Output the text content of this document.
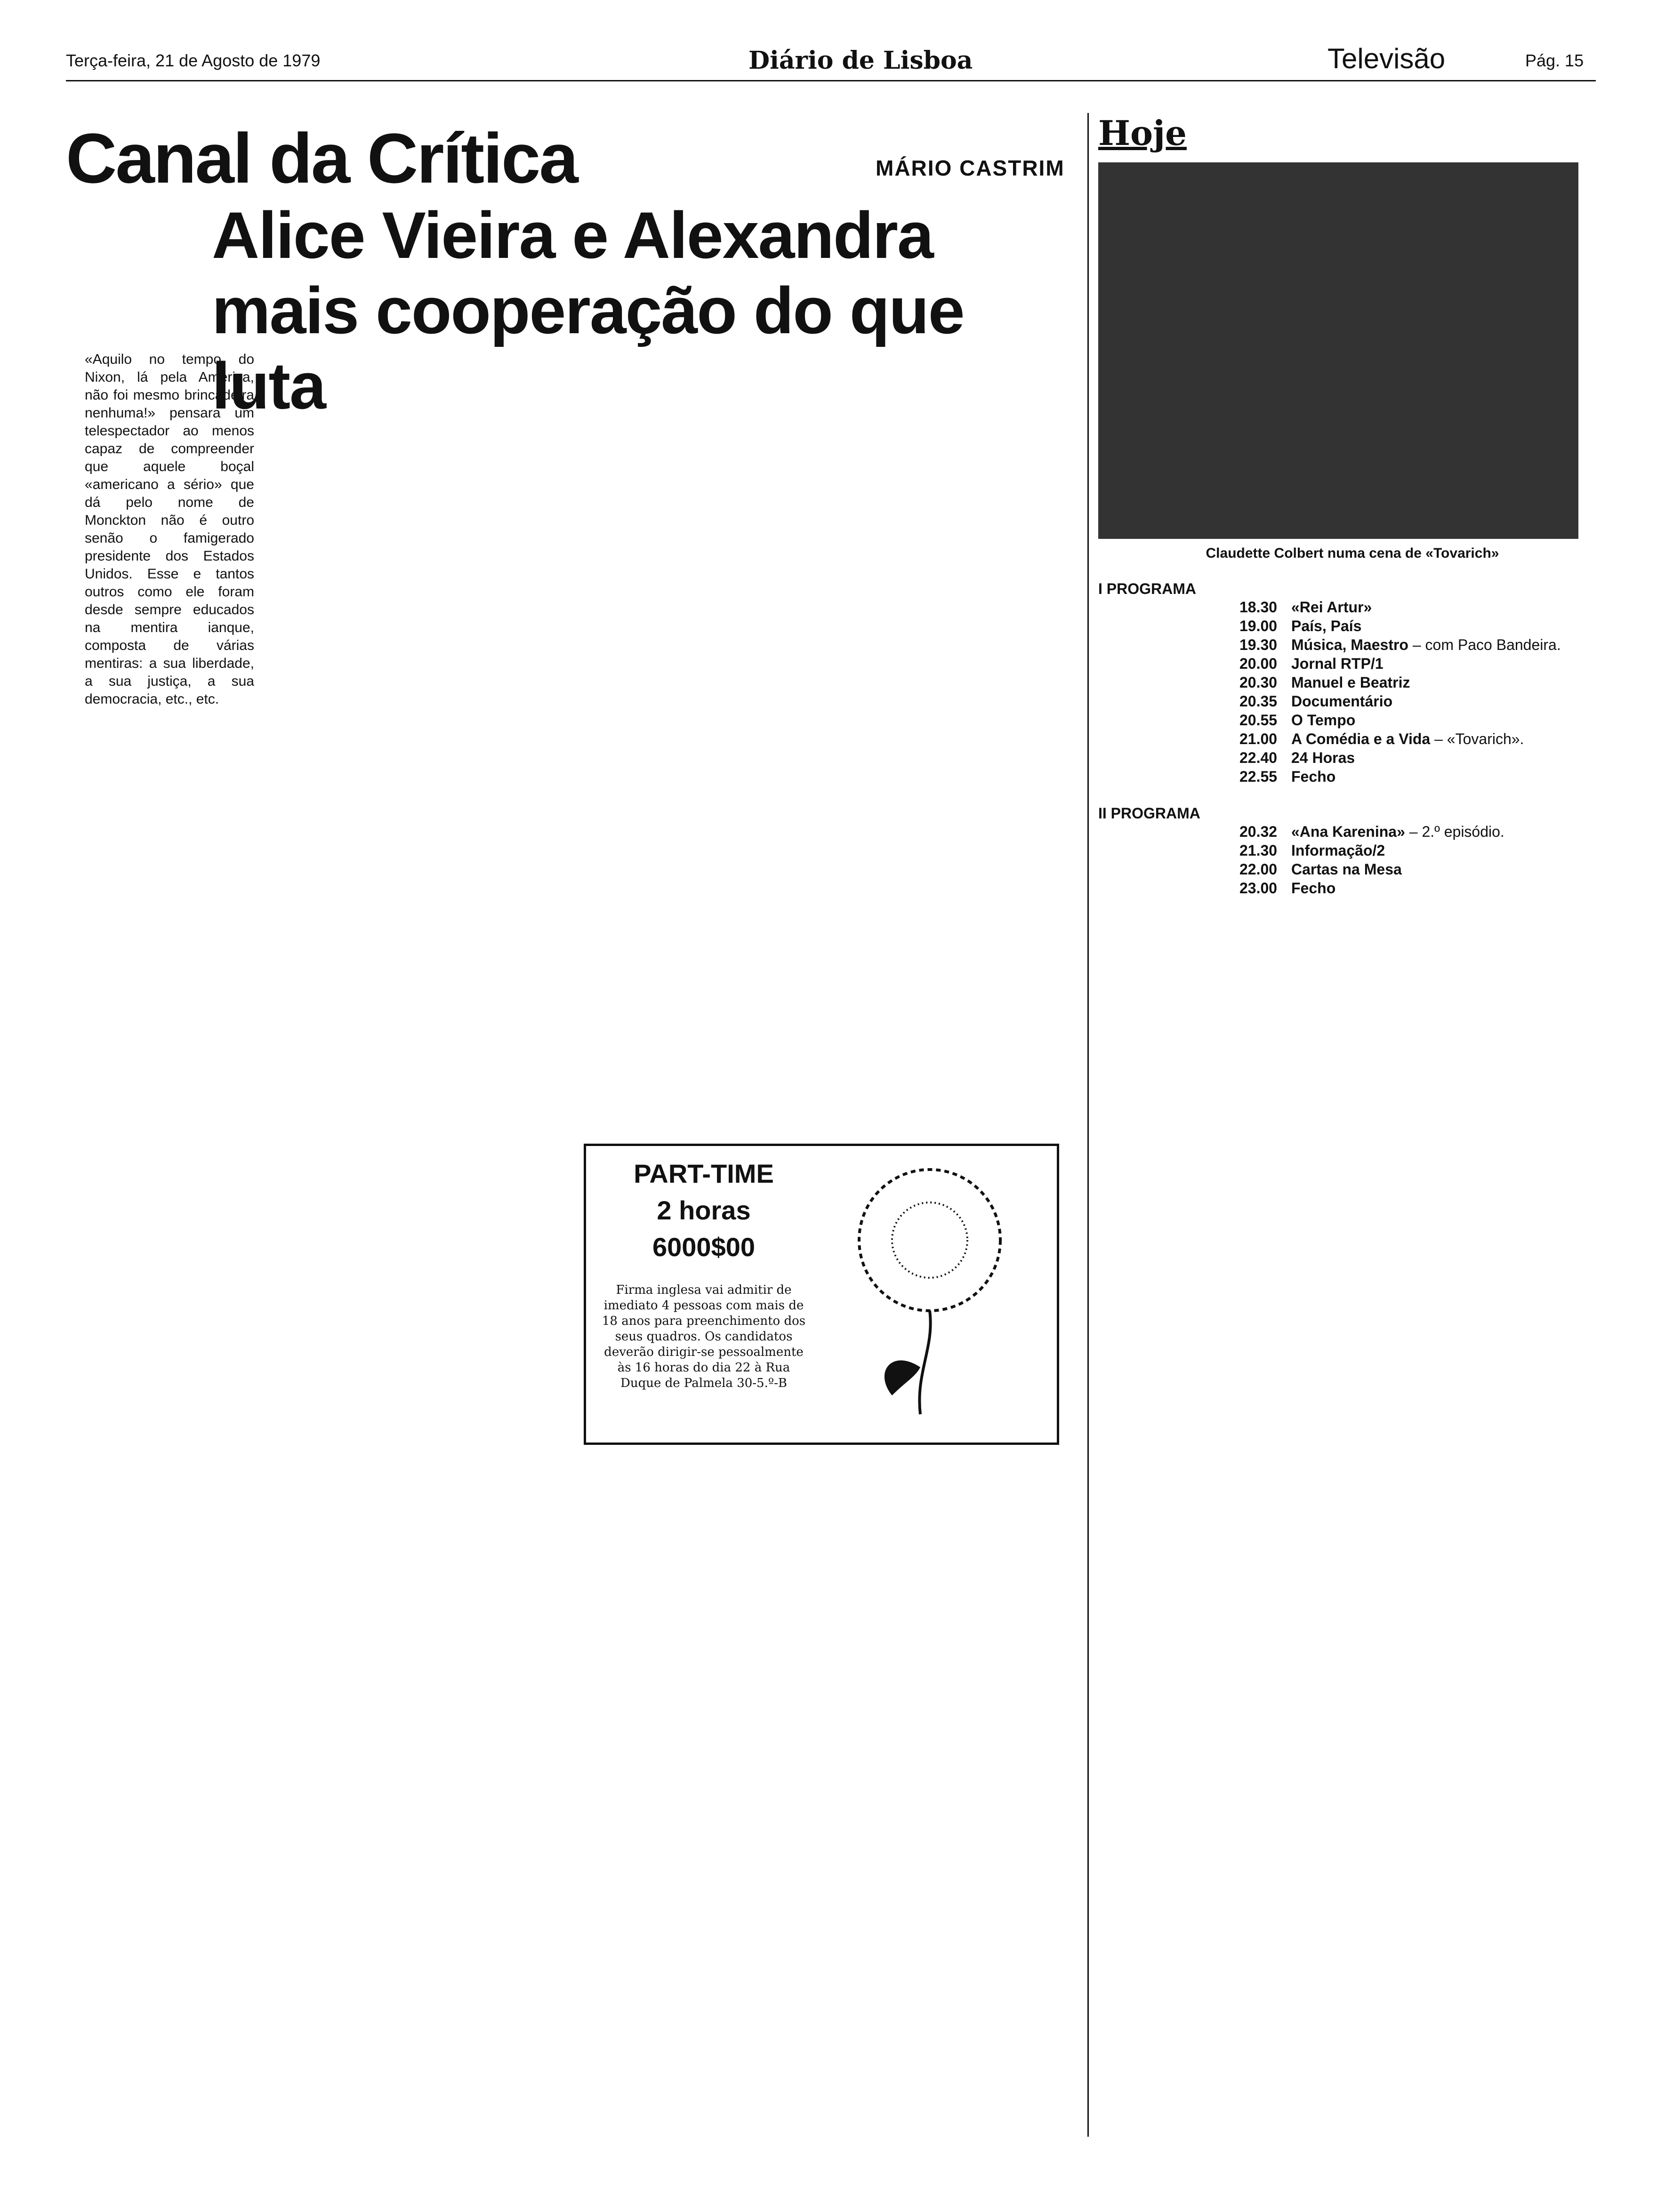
Terça-feira, 21 de Agosto de 1979	Diário de Lisboa	Televisão	Pág. 15
Canal da Crítica	MÁRIO CASTRIM
Alice Vieira e Alexandra
mais cooperação do que luta
«Aquilo no tempo do Nixon, lá pela América, não foi mesmo brincadeira nenhuma!» pensara um telespectador ao menos capaz de compreender que aquele boçal «americano a sério» que dá pelo nome de Monckton não é outro senão o famigerado presidente dos Estados Unidos. Esse e tantos outros como ele foram desde sempre educados na mentira ianque, composta de várias mentiras: a sua liberdade, a sua justiça, a sua democracia, etc., etc.
Hoje
Claudette Colbert numa cena de «Tovarich»
I PROGRAMA
18.30 «Rei Artur»
19.00 País, País
19.30 Música, Maestro – com Paco Bandeira.
20.00 Jornal RTP/1
20.30 Manuel e Beatriz
20.35 Documentário
20.55 O Tempo
21.00 A Comédia e a Vida – «Tovarich».
22.40 24 Horas
22.55 Fecho
II PROGRAMA
20.32 «Ana Karenina» – 2.º episódio.
21.30 Informação/2
22.00 Cartas na Mesa
23.00 Fecho
PART-TIME
2 horas
6000$00
Firma inglesa vai admitir de imediato 4 pessoas com mais de 18 anos para preenchimento dos seus quadros. Os candidatos deverão dirigir-se pessoalmente às 16 horas do dia 22 à Rua Duque de Palmela 30-5.º-B
